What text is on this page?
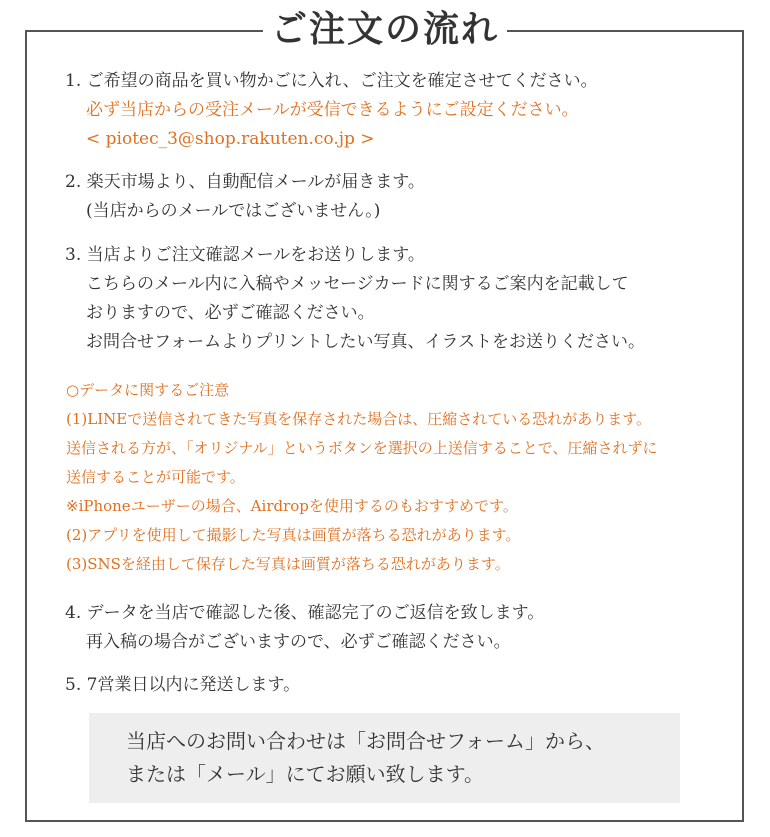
ご注文の流れ
1. ご希望の商品を買い物かごに入れ、ご注文を確定させてください。
必ず当店からの受注メールが受信できるようにご設定ください。
< piotec_3@shop.rakuten.co.jp >
2. 楽天市場より、自動配信メールが届きます。
(当店からのメールではございません。)
3. 当店よりご注文確認メールをお送りします。
こちらのメール内に入稿やメッセージカードに関するご案内を記載して
おりますので、必ずご確認ください。
お問合せフォームよりプリントしたい写真、イラストをお送りください。
○データに関するご注意
(1)LINEで送信されてきた写真を保存された場合は、圧縮されている恐れがあります。
送信される方が、「オリジナル」というボタンを選択の上送信することで、圧縮されずに
送信することが可能です。
※iPhoneユーザーの場合、Airdropを使用するのもおすすめです。
(2)アプリを使用して撮影した写真は画質が落ちる恐れがあります。
(3)SNSを経由して保存した写真は画質が落ちる恐れがあります。
4. データを当店で確認した後、確認完了のご返信を致します。
再入稿の場合がございますので、必ずご確認ください。
5. 7営業日以内に発送します。
当店へのお問い合わせは「お問合せフォーム」から、
または「メール」にてお願い致します。
